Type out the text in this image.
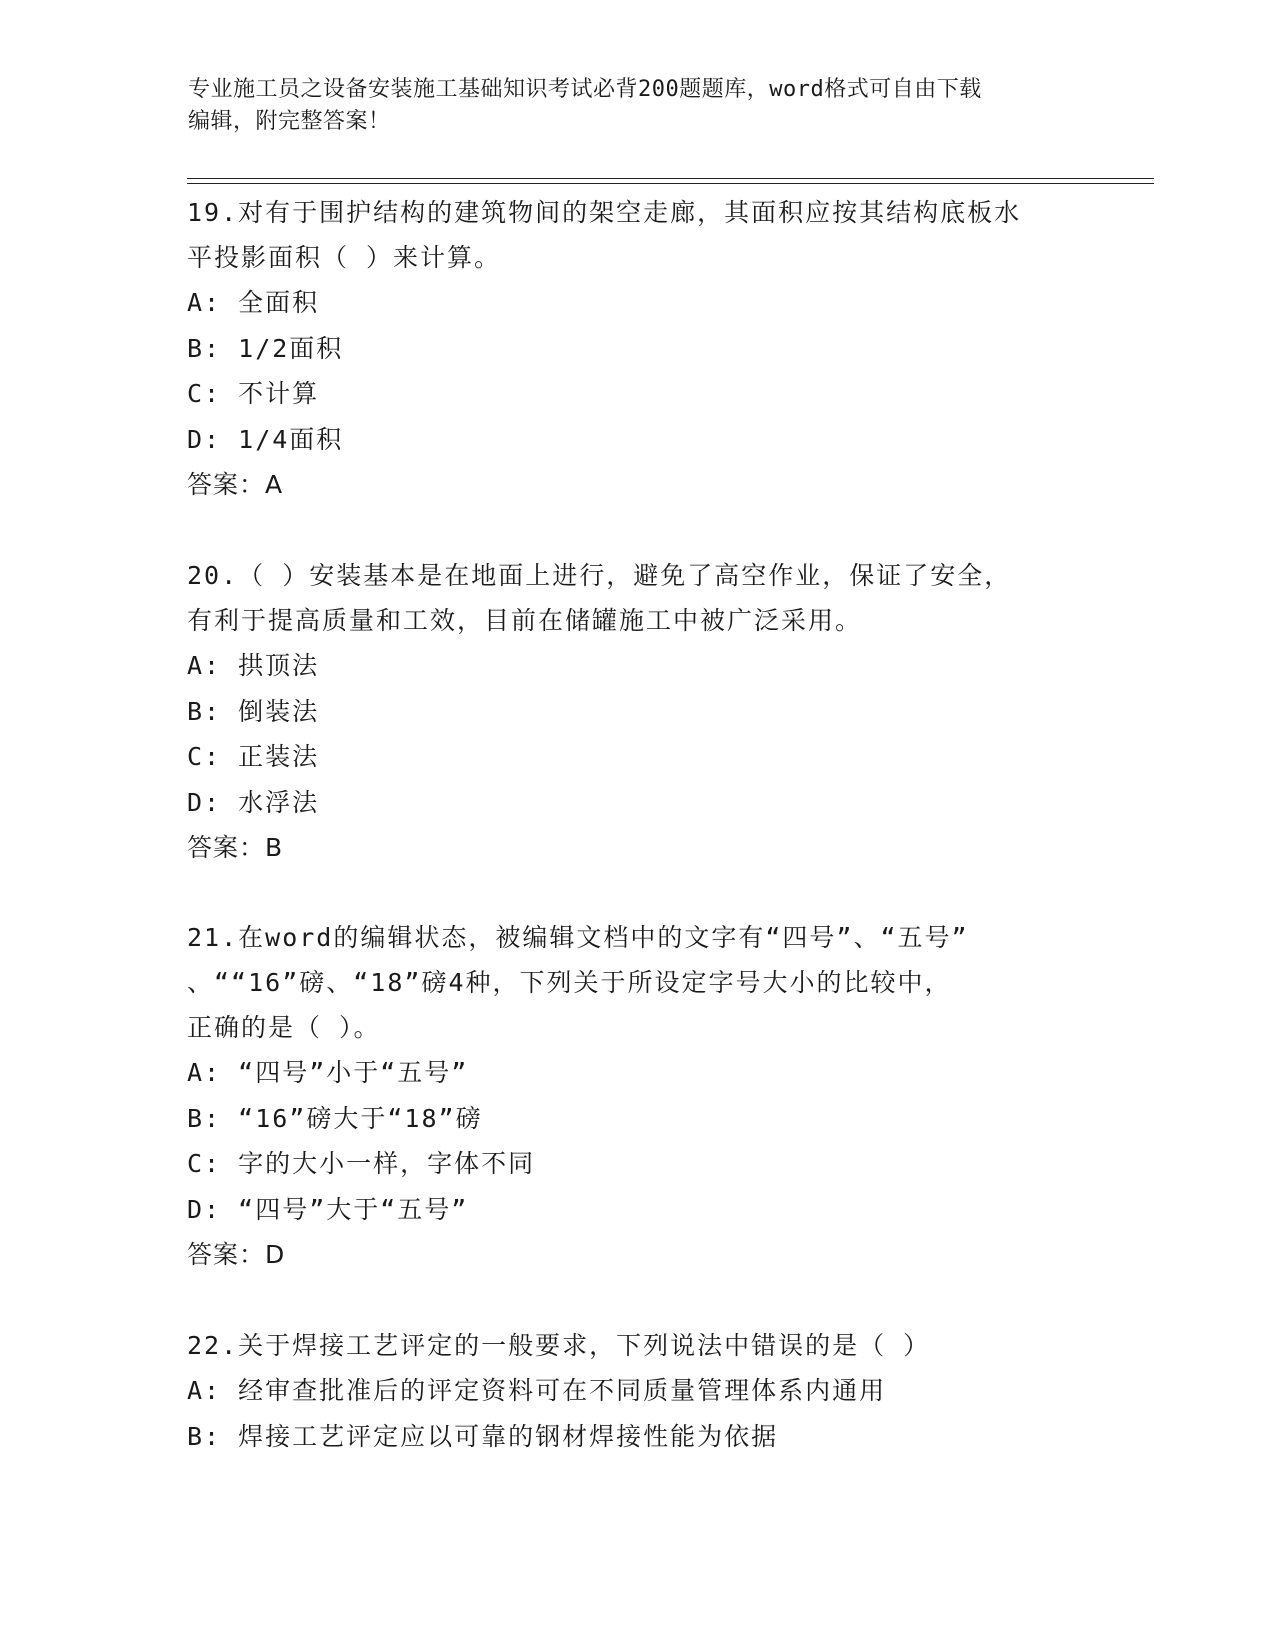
专业施工员之设备安装施工基础知识考试必背200题题库，word格式可自由下载
编辑，附完整答案！
19.对有于围护结构的建筑物间的架空走廊，其面积应按其结构底板水
平投影面积（ ）来计算。
A: 全面积
B: 1/2面积
C: 不计算
D: 1/4面积
答案：A
20.（ ）安装基本是在地面上进行，避免了高空作业，保证了安全，
有利于提高质量和工效，目前在储罐施工中被广泛采用。
A: 拱顶法
B: 倒装法
C: 正装法
D: 水浮法
答案：B
21.在word的编辑状态，被编辑文档中的文字有“四号”、“五号”
、““16”磅、“18”磅4种，下列关于所设定字号大小的比较中，
正确的是（ ）。
A: “四号”小于“五号”
B: “16”磅大于“18”磅
C: 字的大小一样，字体不同
D: “四号”大于“五号”
答案：D
22.关于焊接工艺评定的一般要求，下列说法中错误的是（ ）
A: 经审查批准后的评定资料可在不同质量管理体系内通用
B: 焊接工艺评定应以可靠的钢材焊接性能为依据
